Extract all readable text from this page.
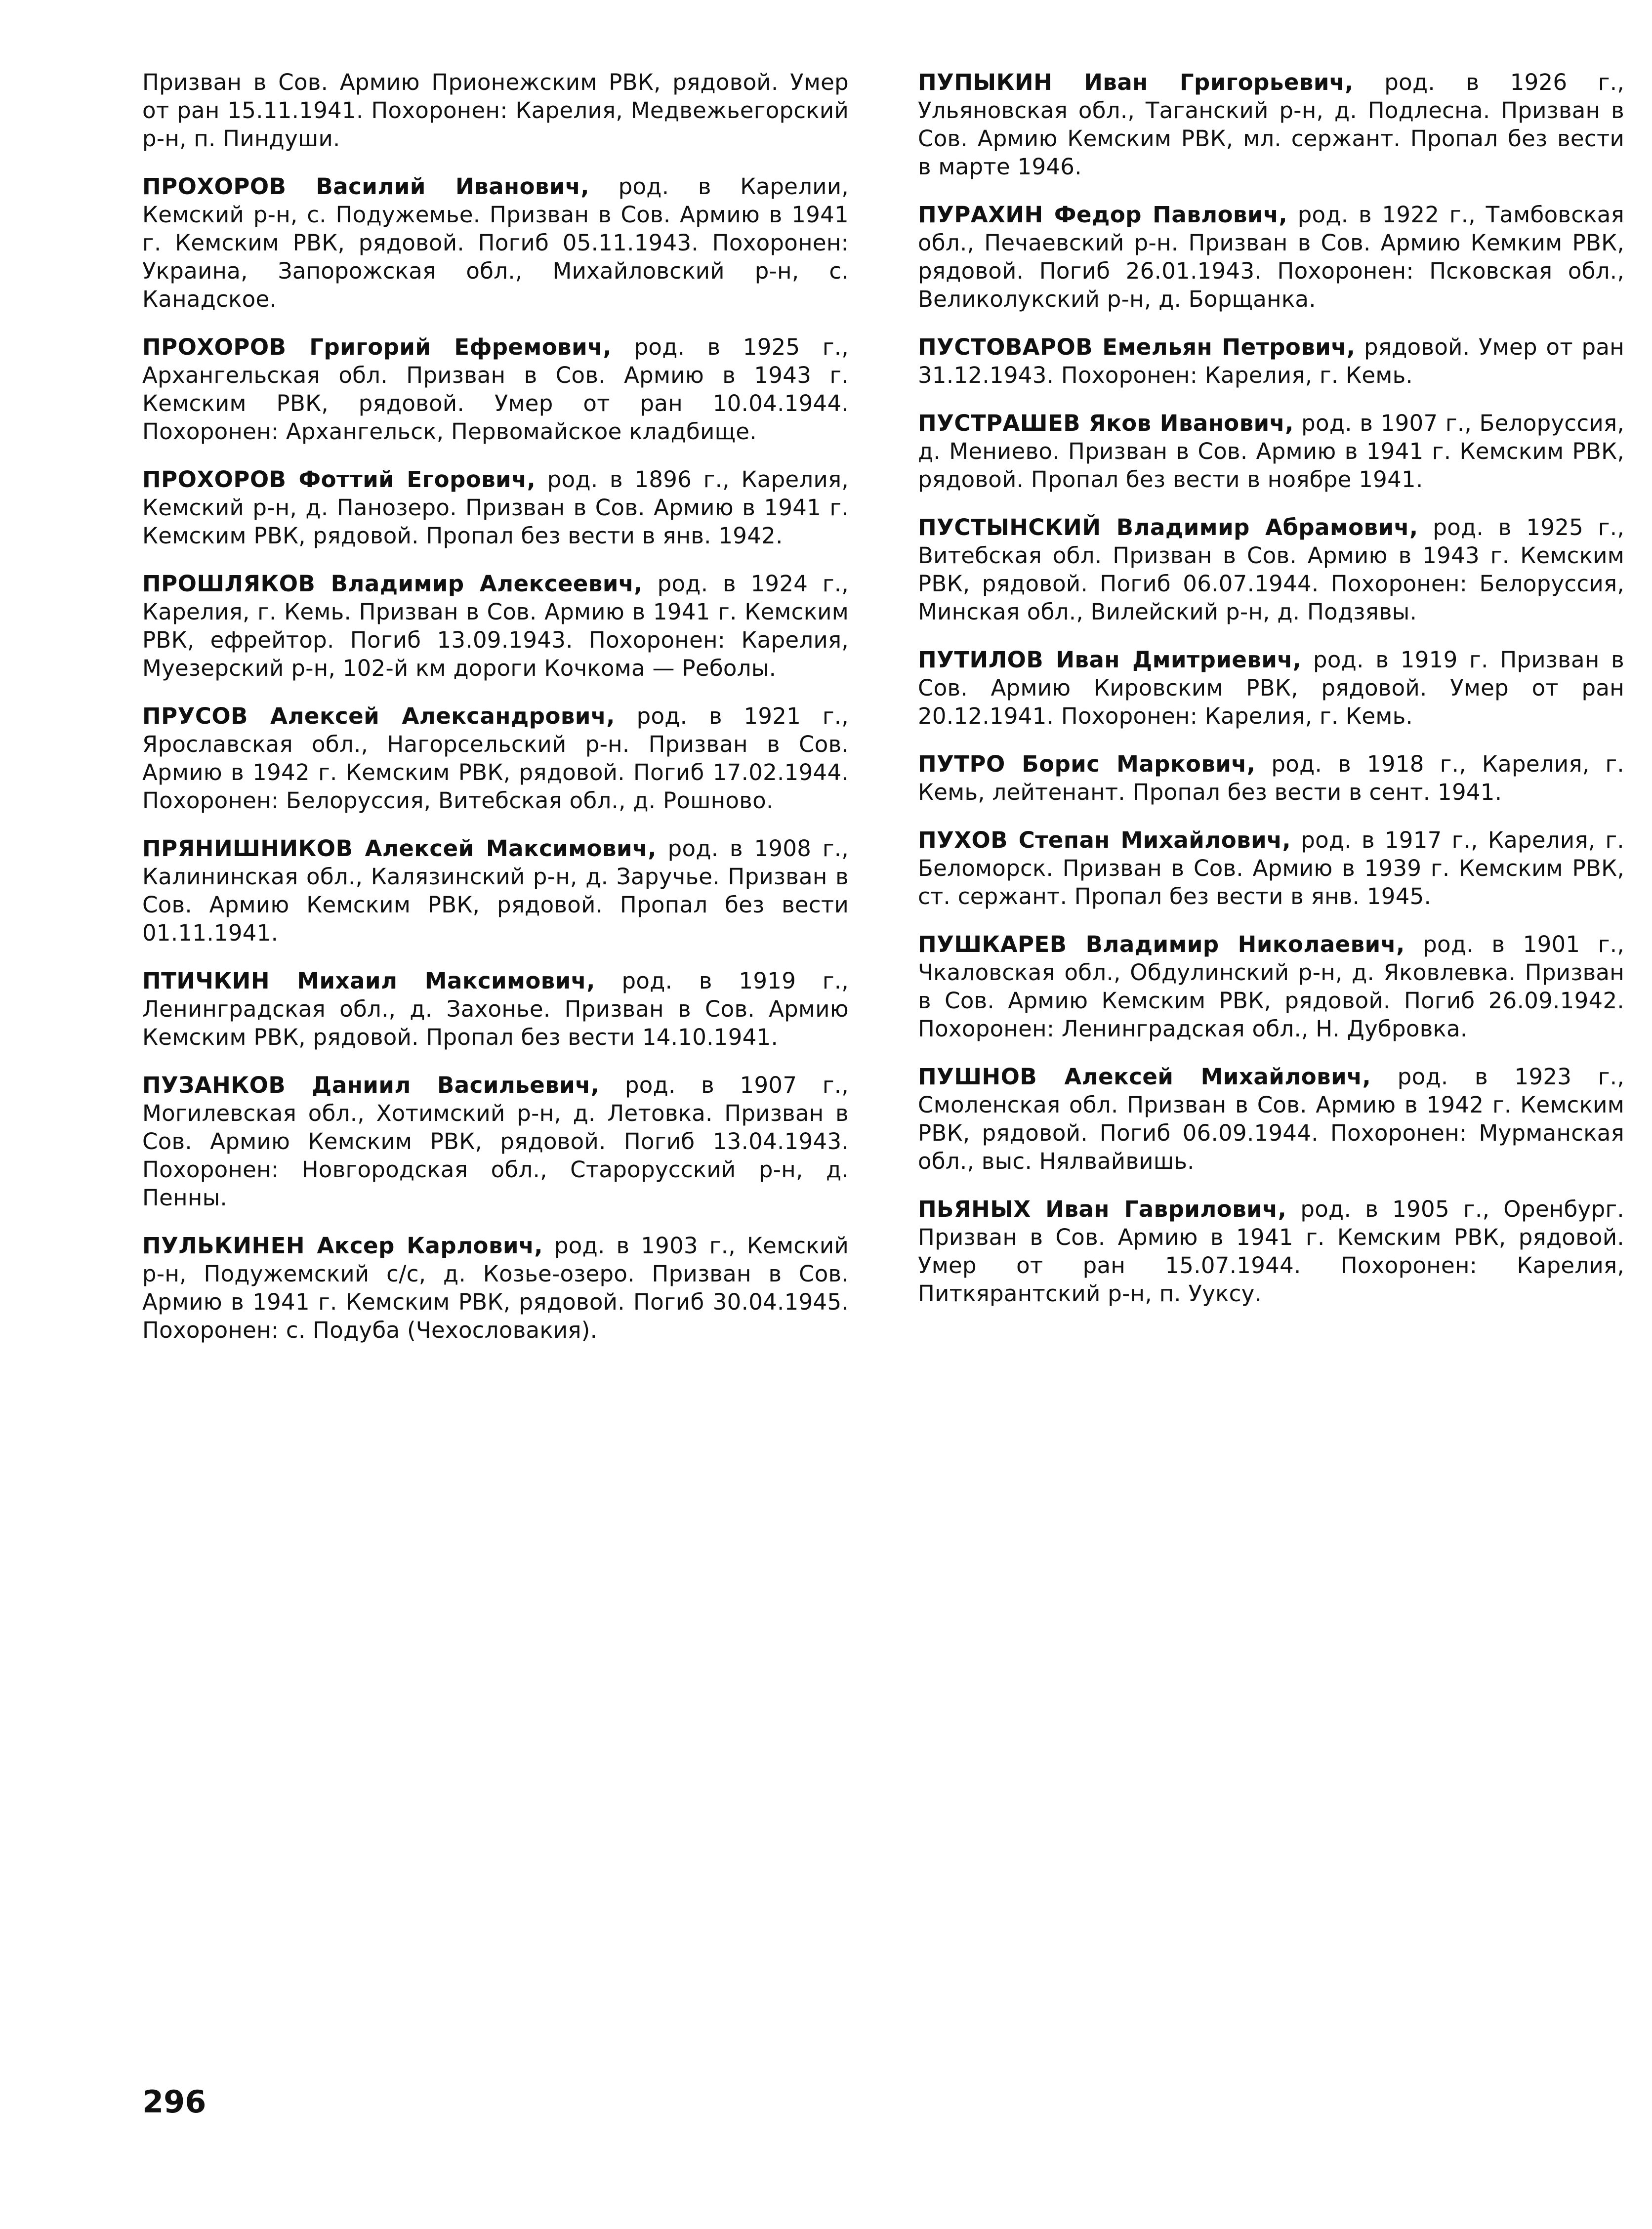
Призван в Сов. Армию Прионежским РВК, рядовой. Умер от ран 15.11.1941. Похоронен: Карелия, Медвежьегорский р-н, п. Пиндуши.

ПРОХОРОВ Василий Иванович, род. в Карелии, Кемский р-н, с. Подужемье. Призван в Сов. Армию в 1941 г. Кемским РВК, рядовой. Погиб 05.11.1943. Похоронен: Украина, Запорожская обл., Михайловский р-н, с. Канадское.

ПРОХОРОВ Григорий Ефремович, род. в 1925 г., Архангельская обл. Призван в Сов. Армию в 1943 г. Кемским РВК, рядовой. Умер от ран 10.04.1944. Похоронен: Архангельск, Первомайское кладбище.

ПРОХОРОВ Фоттий Егорович, род. в 1896 г., Карелия, Кемский р-н, д. Панозеро. Призван в Сов. Армию в 1941 г. Кемским РВК, рядовой. Пропал без вести в янв. 1942.

ПРОШЛЯКОВ Владимир Алексеевич, род. в 1924 г., Карелия, г. Кемь. Призван в Сов. Армию в 1941 г. Кемским РВК, ефрейтор. Погиб 13.09.1943. Похоронен: Карелия, Муезерский р-н, 102-й км дороги Кочкома — Реболы.

ПРУСОВ Алексей Александрович, род. в 1921 г., Ярославская обл., Нагорсельский р-н. Призван в Сов. Армию в 1942 г. Кемским РВК, рядовой. Погиб 17.02.1944. Похоронен: Белоруссия, Витебская обл., д. Рошново.

ПРЯНИШНИКОВ Алексей Максимович, род. в 1908 г., Калининская обл., Калязинский р-н, д. Заручье. Призван в Сов. Армию Кемским РВК, рядовой. Пропал без вести 01.11.1941.

ПТИЧКИН Михаил Максимович, род. в 1919 г., Ленинградская обл., д. Захонье. Призван в Сов. Армию Кемским РВК, рядовой. Пропал без вести 14.10.1941.

ПУЗАНКОВ Даниил Васильевич, род. в 1907 г., Могилевская обл., Хотимский р-н, д. Летовка. Призван в Сов. Армию Кемским РВК, рядовой. Погиб 13.04.1943. Похоронен: Новгородская обл., Старорусский р-н, д. Пенны.

ПУЛЬКИНЕН Аксер Карлович, род. в 1903 г., Кемский р-н, Подужемский с/с, д. Козье-озеро. Призван в Сов. Армию в 1941 г. Кемским РВК, рядовой. Погиб 30.04.1945. Похоронен: с. Подуба (Чехословакия).

ПУПЫКИН Иван Григорьевич, род. в 1926 г., Ульяновская обл., Таганский р-н, д. Подлесна. Призван в Сов. Армию Кемским РВК, мл. сержант. Пропал без вести в марте 1946.

ПУРАХИН Федор Павлович, род. в 1922 г., Тамбовская обл., Печаевский р-н. Призван в Сов. Армию Кемким РВК, рядовой. Погиб 26.01.1943. Похоронен: Псковская обл., Великолукский р-н, д. Борщанка.

ПУСТОВАРОВ Емельян Петрович, рядовой. Умер от ран 31.12.1943. Похоронен: Карелия, г. Кемь.

ПУСТРАШЕВ Яков Иванович, род. в 1907 г., Белоруссия, д. Мениево. Призван в Сов. Армию в 1941 г. Кемским РВК, рядовой. Пропал без вести в ноябре 1941.

ПУСТЫНСКИЙ Владимир Абрамович, род. в 1925 г., Витебская обл. Призван в Сов. Армию в 1943 г. Кемским РВК, рядовой. Погиб 06.07.1944. Похоронен: Белоруссия, Минская обл., Вилейский р-н, д. Подзявы.

ПУТИЛОВ Иван Дмитриевич, род. в 1919 г. Призван в Сов. Армию Кировским РВК, рядовой. Умер от ран 20.12.1941. Похоронен: Карелия, г. Кемь.

ПУТРО Борис Маркович, род. в 1918 г., Карелия, г. Кемь, лейтенант. Пропал без вести в сент. 1941.

ПУХОВ Степан Михайлович, род. в 1917 г., Карелия, г. Беломорск. Призван в Сов. Армию в 1939 г. Кемским РВК, ст. сержант. Пропал без вести в янв. 1945.

ПУШКАРЕВ Владимир Николаевич, род. в 1901 г., Чкаловская обл., Обдулинский р-н, д. Яковлевка. Призван в Сов. Армию Кемским РВК, рядовой. Погиб 26.09.1942. Похоронен: Ленинградская обл., Н. Дубровка.

ПУШНОВ Алексей Михайлович, род. в 1923 г., Смоленская обл. Призван в Сов. Армию в 1942 г. Кемским РВК, рядовой. Погиб 06.09.1944. Похоронен: Мурманская обл., выс. Нялвайвишь.

ПЬЯНЫХ Иван Гаврилович, род. в 1905 г., Оренбург. Призван в Сов. Армию в 1941 г. Кемским РВК, рядовой. Умер от ран 15.07.1944. Похоронен: Карелия, Питкярантский р-н, п. Ууксу.

296
